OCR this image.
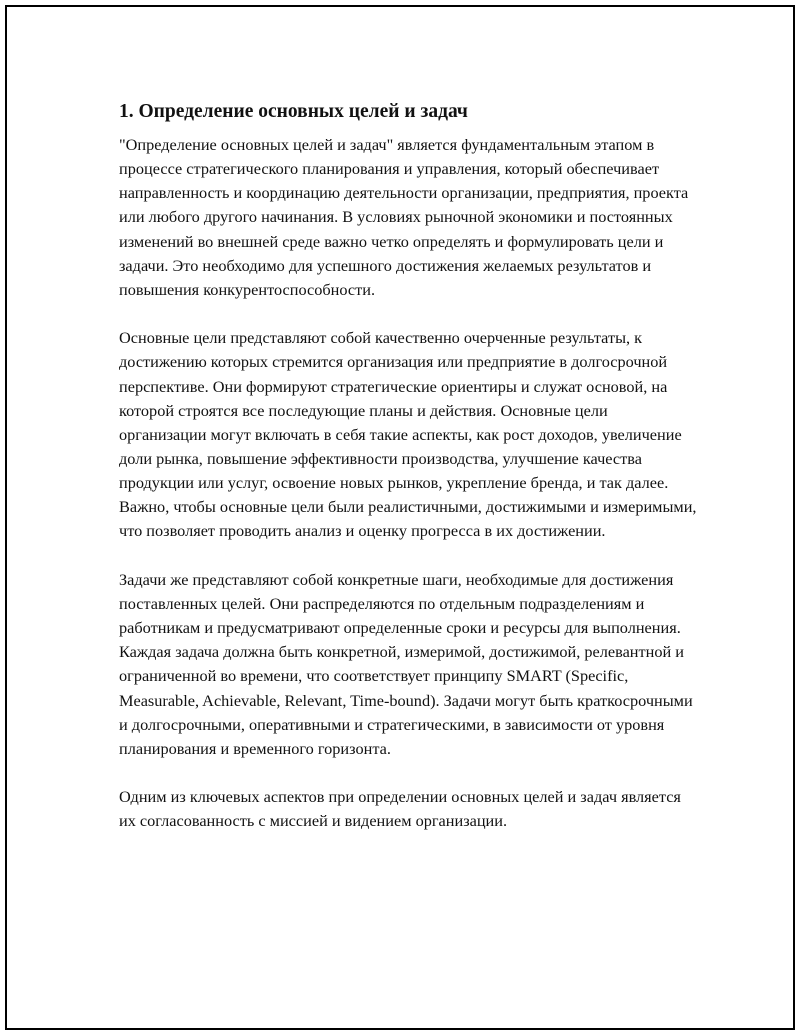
1. Определение основных целей и задач

"Определение основных целей и задач" является фундаментальным этапом в процессе стратегического планирования и управления, который обеспечивает направленность и координацию деятельности организации, предприятия, проекта или любого другого начинания. В условиях рыночной экономики и постоянных изменений во внешней среде важно четко определять и формулировать цели и задачи. Это необходимо для успешного достижения желаемых результатов и повышения конкурентоспособности.

Основные цели представляют собой качественно очерченные результаты, к достижению которых стремится организация или предприятие в долгосрочной перспективе. Они формируют стратегические ориентиры и служат основой, на которой строятся все последующие планы и действия. Основные цели организации могут включать в себя такие аспекты, как рост доходов, увеличение доли рынка, повышение эффективности производства, улучшение качества продукции или услуг, освоение новых рынков, укрепление бренда, и так далее. Важно, чтобы основные цели были реалистичными, достижимыми и измеримыми, что позволяет проводить анализ и оценку прогресса в их достижении.

Задачи же представляют собой конкретные шаги, необходимые для достижения поставленных целей. Они распределяются по отдельным подразделениям и работникам и предусматривают определенные сроки и ресурсы для выполнения. Каждая задача должна быть конкретной, измеримой, достижимой, релевантной и ограниченной во времени, что соответствует принципу SMART (Specific, Measurable, Achievable, Relevant, Time-bound). Задачи могут быть краткосрочными и долгосрочными, оперативными и стратегическими, в зависимости от уровня планирования и временного горизонта.

Одним из ключевых аспектов при определении основных целей и задач является их согласованность с миссией и видением организации.
